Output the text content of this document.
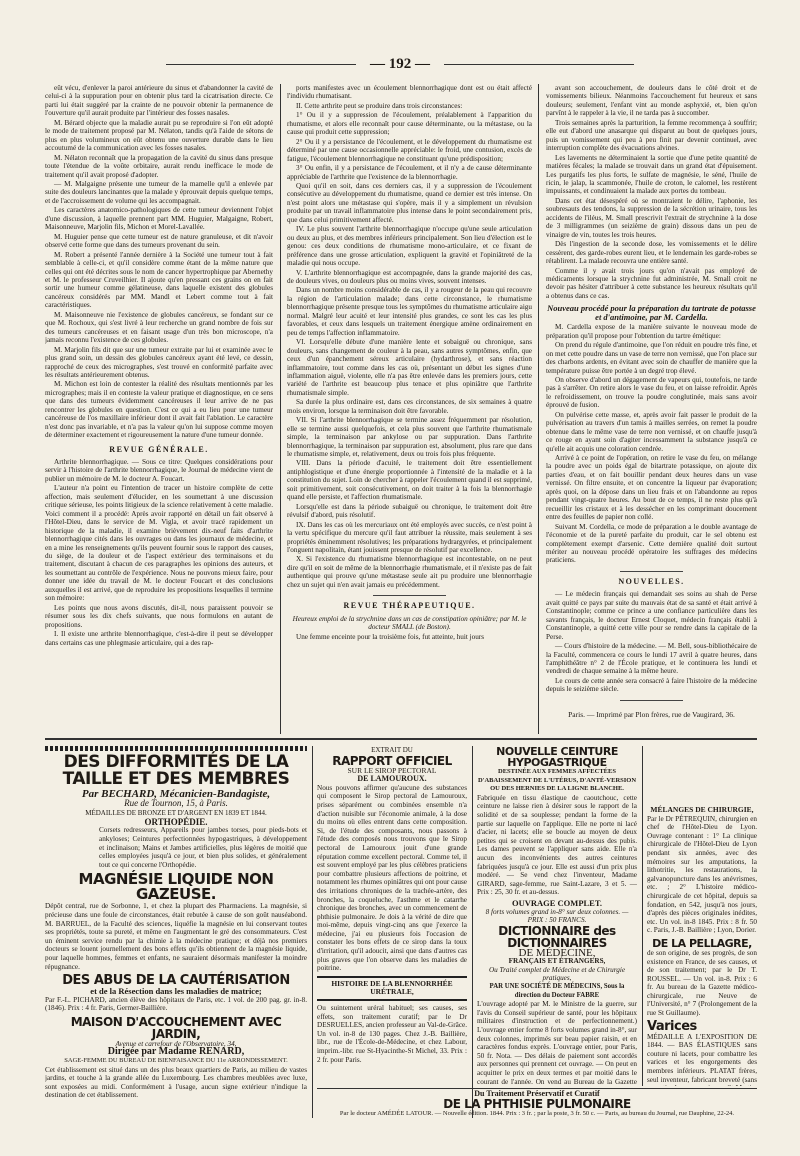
— 192 —

eût vécu, d'enlever la paroi antérieure du sinus et d'abandonner la cavité de celui-ci à la suppuration pour en obtenir plus tard la cicatrisation directe. Ce parti lui était suggéré par la crainte de ne pouvoir obtenir la permanence de l'ouverture qu'il aurait produite par l'intérieur des fosses nasales.

M. Bérard objecte que la maladie aurait pu se reproduire si l'on eût adopté le mode de traitement proposé par M. Nélaton, tandis qu'à l'aide de sétons de plus en plus volumineux on eût obtenu une ouverture durable dans le lieu accoutumé de la communication avec les fosses nasales.

M. Nélaton reconnaît que la propagation de la cavité du sinus dans presque toute l'étendue de la voûte orbitaire, aurait rendu inefficace le mode de traitement qu'il avait proposé d'adopter.

— M. Malgaigne présente une tumeur de la mamelle qu'il a enlevée par suite des douleurs lancinantes que la malade y éprouvait depuis quelque temps, et de l'accroissement de volume qui les accompagnait.

Les caractères anatomico-pathologiques de cette tumeur deviennent l'objet d'une discussion, à laquelle prennent part MM. Huguier, Malgaigne, Robert, Maisonneuve, Marjolin fils, Michon et Morel-Lavallée.

M. Huguier pense que cette tumeur est de nature granuleuse, et dit n'avoir observé cette forme que dans des tumeurs provenant du sein.

M. Robert a présenté l'année dernière à la Société une tumeur tout à fait semblable à celle-ci, et qu'il considère comme étant de la même nature que celles qui ont été décrites sous le nom de cancer hypertrophique par Abernethy et M. le professeur Cruveilhier. Il ajoute qu'en pressant ces grains on en fait sortir une humeur comme gélatineuse, dans laquelle existent des globules cancéreux considérés par MM. Mandl et Lebert comme tout à fait caractéristiques.

M. Maisonneuve nie l'existence de globules cancéreux, se fondant sur ce que M. Rochoux, qui s'est livré à leur recherche un grand nombre de fois sur des tumeurs cancéreuses et en faisant usage d'un très bon microscope, n'a jamais reconnu l'existence de ces globules.

M. Marjolin fils dit que sur une tumeur extraite par lui et examinée avec le plus grand soin, un dessin des globules cancéreux ayant été levé, ce dessin, rapproché de ceux des micrographes, s'est trouvé en conformité parfaite avec les résultats antérieurement obtenus.

M. Michon est loin de contester la réalité des résultats mentionnés par les micrographes; mais il en conteste la valeur pratique et diagnostique, en ce sens que dans des tumeurs évidemment cancéreuses il leur arrive de ne pas rencontrer les globules en question. C'est ce qui a eu lieu pour une tumeur cancéreuse de l'os maxillaire inférieur dont il avait fait l'ablation. Le caractère n'est donc pas invariable, et n'a pas la valeur qu'on lui suppose comme moyen de déterminer exactement et rigoureusement la nature d'une tumeur donnée.

REVUE GÉNÉRALE.

Arthrite blennorrhagique. — Sous ce titre: Quelques considérations pour servir à l'histoire de l'arthrite blennorrhagique, le Journal de médecine vient de publier un mémoire de M. le docteur A. Foucart.

L'auteur n'a point eu l'intention de tracer un histoire complète de cette affection, mais seulement d'élucider, en les soumettant à une discussion critique sérieuse, les points litigieux de la science relativement à cette maladie. Voici comment il a procédé: Après avoir rapporté en détail un fait observé à l'Hôtel-Dieu, dans le service de M. Vigla, et avoir tracé rapidement un historique de la maladie, il examine brièvement dix-neuf faits d'arthrite blennorrhagique cités dans les ouvrages ou dans les journaux de médecine, et en a mine les renseignements qu'ils peuvent fournir sous le rapport des causes, du siège, de la douleur et de l'aspect extérieur des terminaisons et du traitement, discutant à chacun de ces paragraphes les opinions des auteurs, et les soumettant au contrôle de l'expérience. Nous ne pouvons mieux faire, pour donner une idée du travail de M. le docteur Foucart et des conclusions auxquelles il est arrivé, que de reproduire les propositions lesquelles il termine son mémoire:

Les points que nous avons discutés, dit-il, nous paraissent pouvoir se résumer sous les dix chefs suivants, que nous formulons en autant de propositions.

I. Il existe une arthrite blennorrhagique, c'est-à-dire il peut se développer dans certains cas une phlegmasie articulaire, qui a des rap-

ports manifestes avec un écoulement blennorrhagique dont est ou était affecté l'individu rhumatisant.

II. Cette arthrite peut se produire dans trois circonstances:

1° Ou il y a suppression de l'écoulement, préalablement à l'apparition du rhumatisme, et alors elle reconnaît pour cause déterminante, ou la métastase, ou la cause qui produit cette suppression;

2° Ou il y a persistance de l'écoulement, et le développement du rhumatisme est déterminé par une cause occasionnelle appréciable: le froid, une contusion, excès de fatigue, l'écoulement blennorrhagique ne constituant qu'une prédisposition;

3° Ou enfin, il y a persistance de l'écoulement, et il n'y a de cause déterminante appréciable de l'arthrite que l'existence de la blennorrhagie.

Quoi qu'il en soit, dans ces derniers cas, il y a suppression de l'écoulement consécutive au développement du rhumatisme, quand ce dernier est très intense. On n'est point alors une métastase qui s'opère, mais il y a simplement un révulsion produite par un travail inflammatoire plus intense dans le point secondairement pris, que dans celui primitivement affecté.

IV. Le plus souvent l'arthrite blennorrhagique n'occupe qu'une seule articulation ou deux au plus, et des membres inférieurs principalement. Son lieu d'élection est le genou: ces deux conditions de rhumatisme mono-articulaire, et ce fixant de préférence dans une grosse articulation, expliquent la gravité et l'opiniâtreté de la maladie qui nous occupe.

V. L'arthrite blennorrhagique est accompagnée, dans la grande majorité des cas, de douleurs vives, ou douleurs plus ou moins vives, souvent intenses.

Dans un nombre moins considérable de cas, il y a rougeur de la peau qui recouvre la région de l'articulation malade; dans cette circonstance, le rhumatisme blennorrhagique présente presque tous les symptômes du rhumatisme articulaire aigu normal. Malgré leur acuité et leur intensité plus grandes, ce sont les cas les plus favorables, et ceux dans lesquels un traitement énergique amène ordinairement en peu de temps l'affection inflammatoire.

VI. Lorsqu'elle débute d'une manière lente et sobaiguë ou chronique, sans douleurs, sans changement de couleur à la peau, sans autres symptômes, enfin, que ceux d'un épanchement séreux articulaire (hydarthrose), et sans réaction inflammatoire, tout comme dans les cas où, présentant un début les signes d'une inflammation aiguë, violente, elle n'a pas être enlevée dans les premiers jours, cette variété de l'arthrite est beaucoup plus tenace et plus opiniâtre que l'arthrite rhumatismale simple.

Sa durée la plus ordinaire est, dans ces circonstances, de six semaines à quatre mois environ, lorsque la terminaison doit être favorable.

VII. Si l'arthrite blennorrhagique se termine assez fréquemment par résolution, elle se termine aussi quelquefois, et cela plus souvent que l'arthrite rhumatismale simple, la terminaison par ankylose ou par suppuration. Dans l'arthrite blennorrhagique, la terminaison par suppuration est, absolument, plus rare que dans le rhumatisme simple, et, relativement, deux ou trois fois plus fréquente.

VIII. Dans la période d'acuité, le traitement doit être essentiellement antiphlogistique et d'une énergie proportionnée à l'intensité de la maladie et à la constitution du sujet. Loin de chercher à rappeler l'écoulement quand il est supprimé, soit primitivement, soit consécutivement, on doit traiter à la fois la blennorrhagie quand elle persiste, et l'affection rhumatismale.

Lorsqu'elle est dans la période subaiguë ou chronique, le traitement doit être révulsif d'abord, puis résolutif.

IX. Dans les cas où les mercuriaux ont été employés avec succès, ce n'est point à la vertu spécifique du mercure qu'il faut attribuer la réussite, mais seulement à ses propriétés éminemment résolutives; les préparations hydrargyrées, et principalement l'onguent napolitain, étant jouissent presque de résolutif par excellence.

X. Si l'existence du rhumatisme blennorrhagique est incontestable, on ne peut dire qu'il en soit de même de la blennorrhagie rhumatismale, et il n'existe pas de fait authentique qui prouve qu'une métastase seule ait pu produire une blennorrhagie chez un sujet qui n'en avait jamais eu précédemment.

REVUE THÉRAPEUTIQUE.

Heureux emploi de la strychnine dans un cas de constipation opiniâtre; par M. le docteur SMALL (de Boston).

Une femme enceinte pour la troisième fois, fut atteinte, huit jours

avant son accouchement, de douleurs dans le côté droit et de vomissements bilieux. Néanmoins l'accouchement fut heureux et sans douleurs; seulement, l'enfant vint au monde asphyxié, et, bien qu'on parvînt à le rappeler à la vie, il ne tarda pas à succomber.

Trois semaines après la parturition, la femme recommença à souffrir; elle eut d'abord une anasarque qui disparut au bout de quelques jours, puis un vomissement qui peu à peu finit par devenir continuel, avec interruption complète des évacuations alvines.

Les lavements ne déterminaient la sortie que d'une petite quantité de matières fécales; la malade se trouvait dans un grand état d'épuisement. Les purgatifs les plus forts, le sulfate de magnésie, le séné, l'huile de ricin, le jalap, la scammonée, l'huile de croton, le calomel, les restèrent impuissants, et condinuaient la malade aux portes du tombeau.

Dans cet état désespéré où se montraient le délire, l'aphonie, les soubresauts des tendons, la suppression de la sécrétion urinaire, tous les accidents de l'iléus, M. Small prescrivit l'extrait de strychnine à la dose de 3 milligrammes (un seizième de grain) dissous dans un peu de vinaigre de vin, toutes les trois heures.

Dès l'ingestion de la seconde dose, les vomissements et le délire cessèrent, des garde-robes eurent lieu, et le lendemain les garde-robes se rétablirent. La malade recouvra une entière santé.

Comme il y avait trois jours qu'on n'avait pas employé de médicaments lorsque la strychnine fut administrée, M. Small croit ne devoir pas hésiter d'attribuer à cette substance les heureux résultats qu'il a obtenus dans ce cas.

Nouveau procédé pour la préparation du tartrate de potasse et d'antimoine, par M. Cardella.

M. Cardella expose de la manière suivante le nouveau mode de préparation qu'il propose pour l'obtention du tartre émétique:

On prend du régule d'antimoine, que l'on réduit en poudre très fine, et on met cette poudre dans un vase de terre non vernissé, que l'on place sur des charbons ardents, en évitant avec soin de chauffer de manière que la température puisse être portée à un degré trop élevé.

On observe d'abord un dégagement de vapeurs qui, toutefois, ne tarde pas à s'arrêter. On retire alors le vase du feu, et on laisse refroidir. Après le refroidissement, on trouve la poudre conglutinée, mais sans avoir éprouvé de fusion.

On pulvérise cette masse, et, après avoir fait passer le produit de la pulvérisation au travers d'un tamis à mailles serrées, on remet la poudre obtenue dans le même vase de terre non vernissé, et on chauffe jusqu'à ce rouge en ayant soin d'agiter incessamment la substance jusqu'à ce qu'elle ait acquis une coloration cendrée.

Arrivé à ce point de l'opération, on retire le vase du feu, on mélange la poudre avec un poids égal de bitartrate potassique, on ajoute dix parties d'eau, et on fait bouillir pendant deux heures dans un vase vernissé. On filtre ensuite, et on concentre la liqueur par évaporation; après quoi, on la dépose dans un lieu frais et on l'abandonne au repos pendant vingt-quatre heures. Au bout de ce temps, il ne reste plus qu'à recueillir les cristaux et à les dessécher en les comprimant doucement entre des feuilles de papier non collé.

Suivant M. Cordella, ce mode de préparation a le double avantage de l'économie et de la pureté parfaite du produit, car le sel obtenu est complètement exempt d'arsenic. Cette dernière qualité doit surtout mériter au nouveau procédé opératoire les suffrages des médecins praticiens.

NOUVELLES.

— Le médecin français qui demandait ses soins au shah de Perse avait quitté ce pays par suite du mauvais état de sa santé et était arrivé à Constantinople; comme ce prince a une confiance particulière dans les savants français, le docteur Ernest Cloquet, médecin français établi à Constantinople, a quitté cette ville pour se rendre dans la capitale de la Perse.

— Cours d'histoire de la médecine. — M. Bell, sous-bibliothécaire de la Faculté, commencera ce cours le lundi 17 avril à quatre heures, dans l'amphithéâtre n° 2 de l'École pratique, et le continuera les lundi et vendredi de chaque semaine à la même heure.

Le cours de cette année sera consacré à faire l'histoire de la médecine depuis le seizième siècle.

Paris. — Imprimé par Plon frères, rue de Vaugirard, 36.
DES DIFFORMITÉS DE LA TAILLE ET DES MEMBRES
Par BECHARD, Mécanicien-Bandagiste,
Rue de Tournon, 15, à Paris.
MÉDAILLES DE BRONZE ET D'ARGENT EN 1839 ET 1844.
ORTHOPÉDIE.

Corsets redresseurs, Appareils pour jambes torses, pour pieds-bots et ankyloses; Ceintures perfectionnées hypogastriques, à développement et inclinaison; Mains et Jambes artificielles, plus légères de moitié que celles employées jusqu'à ce jour, et bien plus solides, et généralement tout ce qui concerne l'Orthopédie.

MAGNÉSIE LIQUIDE NON GAZEUSE.

Dépôt central, rue de Sorbonne, 1, et chez la plupart des Pharmaciens. La magnésie, si précieuse dans une foule de circonstances, était rebutée à cause de son goût nauséabond. M. BARRUEL, de la Faculté des sciences, liquéfie la magnésie en lui conservant toutes ses propriétés, toute sa pureté, et même en l'augmentant le gré des consommateurs. C'est un éminent service rendu par la chimie à la médecine pratique; et déjà nos premiers docteurs se louent journellement des bons effets qu'ils obtiennent de la magnésie liquide, pour laquelle hommes, femmes et enfants, ne sauraient désormais manifester la moindre répugnance.

DES ABUS DE LA CAUTÉRISATION
et de la Résection dans les maladies de matrice;

Par F.-L. PICHARD, ancien élève des hôpitaux de Paris, etc. 1 vol. de 200 pag. gr. in-8. (1846). Prix : 4 fr. Paris, Germer-Baillière.

MAISON D'ACCOUCHEMENT AVEC JARDIN,
Avenue et carrefour de l'Observatoire, 34,
Dirigée par Madame RENARD,
SAGE-FEMME DU BUREAU DE BIENFAISANCE DU 11e ARRONDISSEMENT.

Cet établissement est situé dans un des plus beaux quartiers de Paris, au milieu de vastes jardins, et touche à la grande allée du Luxembourg. Les chambres meublées avec luxe, sont exposées au midi. Conformément à l'usage, aucun signe extérieur n'indique la destination de cet établissement.

EXTRAIT DU
RAPPORT OFFICIEL
SUR LE SIROP PECTORAL
DE LAMOUROUX.

Nous pouvons affirmer qu'aucune des substances qui composent le Sirop pectoral de Lamouroux, prises séparément ou combinées ensemble n'a d'action nuisible sur l'économie animale, à la dose du moins où elles entrent dans cette composition. Si, de l'étude des composants, nous passons à l'étude des composés nous trouvons que le Sirop pectoral de Lamouroux jouit d'une grande réputation comme excellent pectoral. Comme tel, il est souvent employé par les plus célèbres praticiens pour combattre plusieurs affections de poitrine, et notamment les rhumes opiniâtres qui ont pour cause des irritations chroniques de la trachée-artère, des bronches, la coqueluche, l'asthme et le catarrhe chronique des bronches, avec un commencement de phthisie pulmonaire. Je dois à la vérité de dire que moi-même, depuis vingt-cinq ans que j'exerce la médecine, j'ai eu plusieurs fois l'occasion de constater les bons effets de ce sirop dans la toux d'irritation, qu'il adoucit, ainsi que dans d'autres cas plus graves que l'on observe dans les maladies de poitrine.

HISTOIRE DE LA BLENNORRHÉE URÉTRALE,

Ou suintement uréral habituel; ses causes, ses effets, son traitement curatif; par le Dr DESRUELLES, ancien professeur au Val-de-Grâce. Un vol. in-8 de 130 pages. Chez J.-B. Baillière, libr., rue de l'École-de-Médecine, et chez Labour, imprim.-libr. rue St-Hyacinthe-St Michel, 33. Prix : 2 fr. pour Paris.

NOUVELLE CEINTURE HYPOGASTRIQUE
DESTINÉE AUX FEMMES AFFECTÉES D'ABAISSEMENT DE L'UTÉRUS, D'ANTÉ-VERSION OU DES HERNIES DE LA LIGNE BLANCHE.

Fabriquée en tissu élastique de caoutchouc, cette ceinture ne laisse rien à désirer sous le rapport de la solidité et de sa souplesse; pendant la forme de la partie sur laquelle on l'applique. Elle ne porte ni lacé d'acier, ni lacets; elle se boucle au moyen de deux petites qui se croisent en devant au-dessus des pubis. Les dames peuvent se l'appliquer sans aide. Elle n'a aucun des inconvénients des autres ceintures fabriquées jusqu'à ce jour. Elle est aussi d'un prix plus modéré. — Se vend chez l'inventeur, Madame GIRARD, sage-femme, rue Saint-Lazare, 3 et 5. — Prix : 25, 30 fr. et au-dessus.

OUVRAGE COMPLET.
8 forts volumes grand in-8° sur deux colonnes. — PRIX : 50 FRANCS.
DICTIONNAIRE des DICTIONNAIRES
DE MÉDECINE,
FRANÇAIS ET ÉTRANGERS,
Ou Traité complet de Médecine et de Chirurgie pratiques,
PAR UNE SOCIÉTÉ DE MÉDECINS, Sous la direction du Docteur FABRE

L'ouvrage adopté par M. le Ministre de la guerre, sur l'avis du Conseil supérieur de santé, pour les hôpitaux militaires d'instruction et de perfectionnement.) L'ouvrage entier forme 8 forts volumes grand in-8°, sur deux colonnes, imprimés sur beau papier raisin, et en caractères fondus exprès. L'ouvrage entier, pour Paris, 50 fr. Nota. — Des délais de paiement sont accordés aux personnes qui prennent cet ouvrage. — On peut en acquitter le prix en deux termes et par moitié dans le courant de l'année. On vend au Bureau de la Gazette

MÉLANGES DE CHIRURGIE,

Par le Dr PÉTREQUIN, chirurgien en chef de l'Hôtel-Dieu de Lyon. Ouvrage contenant : 1° La clinique chirurgicale de l'Hôtel-Dieu de Lyon pendant six années, avec des mémoires sur les amputations, la lithotritie, les restaurations, la galvanopuncture dans les anévrismes, etc. ; 2° L'histoire médico-chirurgicale de cet hôpital, depuis sa fondation, en 542, jusqu'à nos jours, d'après des pièces originales inédites, etc. Un vol. in-8 1845. Prix : 8 fr. 50 c. Paris, J.-B. Baillière ; Lyon, Dorier.

DE LA PELLAGRE,

de son origine, de ses progrès, de son existence en France, de ses causes, et de son traitement; par le Dr T. ROUSSEL. — Un vol. in-8. Prix : 6 fr. Au bureau de la Gazette médico-chirurgicale, rue Neuve de l'Université, n° 7 (Prolongement de la rue St Guillaume).

Varices

MÉDAILLE A L'EXPOSITION DE 1844. — BAS ÉLASTIQUES sans couture ni lacets, pour combattre les varices et les engorgements des membres inférieurs. PLATAT frères, seul inventeur, fabricant breveté (sans

Du Traitement Préservatif et Curatif
DE LA PHTHISIE PULMONAIRE
Par le docteur AMÉDÉE LATOUR. — Nouvelle édition. 1844. Prix : 3 fr. ; par la poste, 3 fr. 50 c. — Paris, au bureau du Journal, rue Dauphine, 22-24.
